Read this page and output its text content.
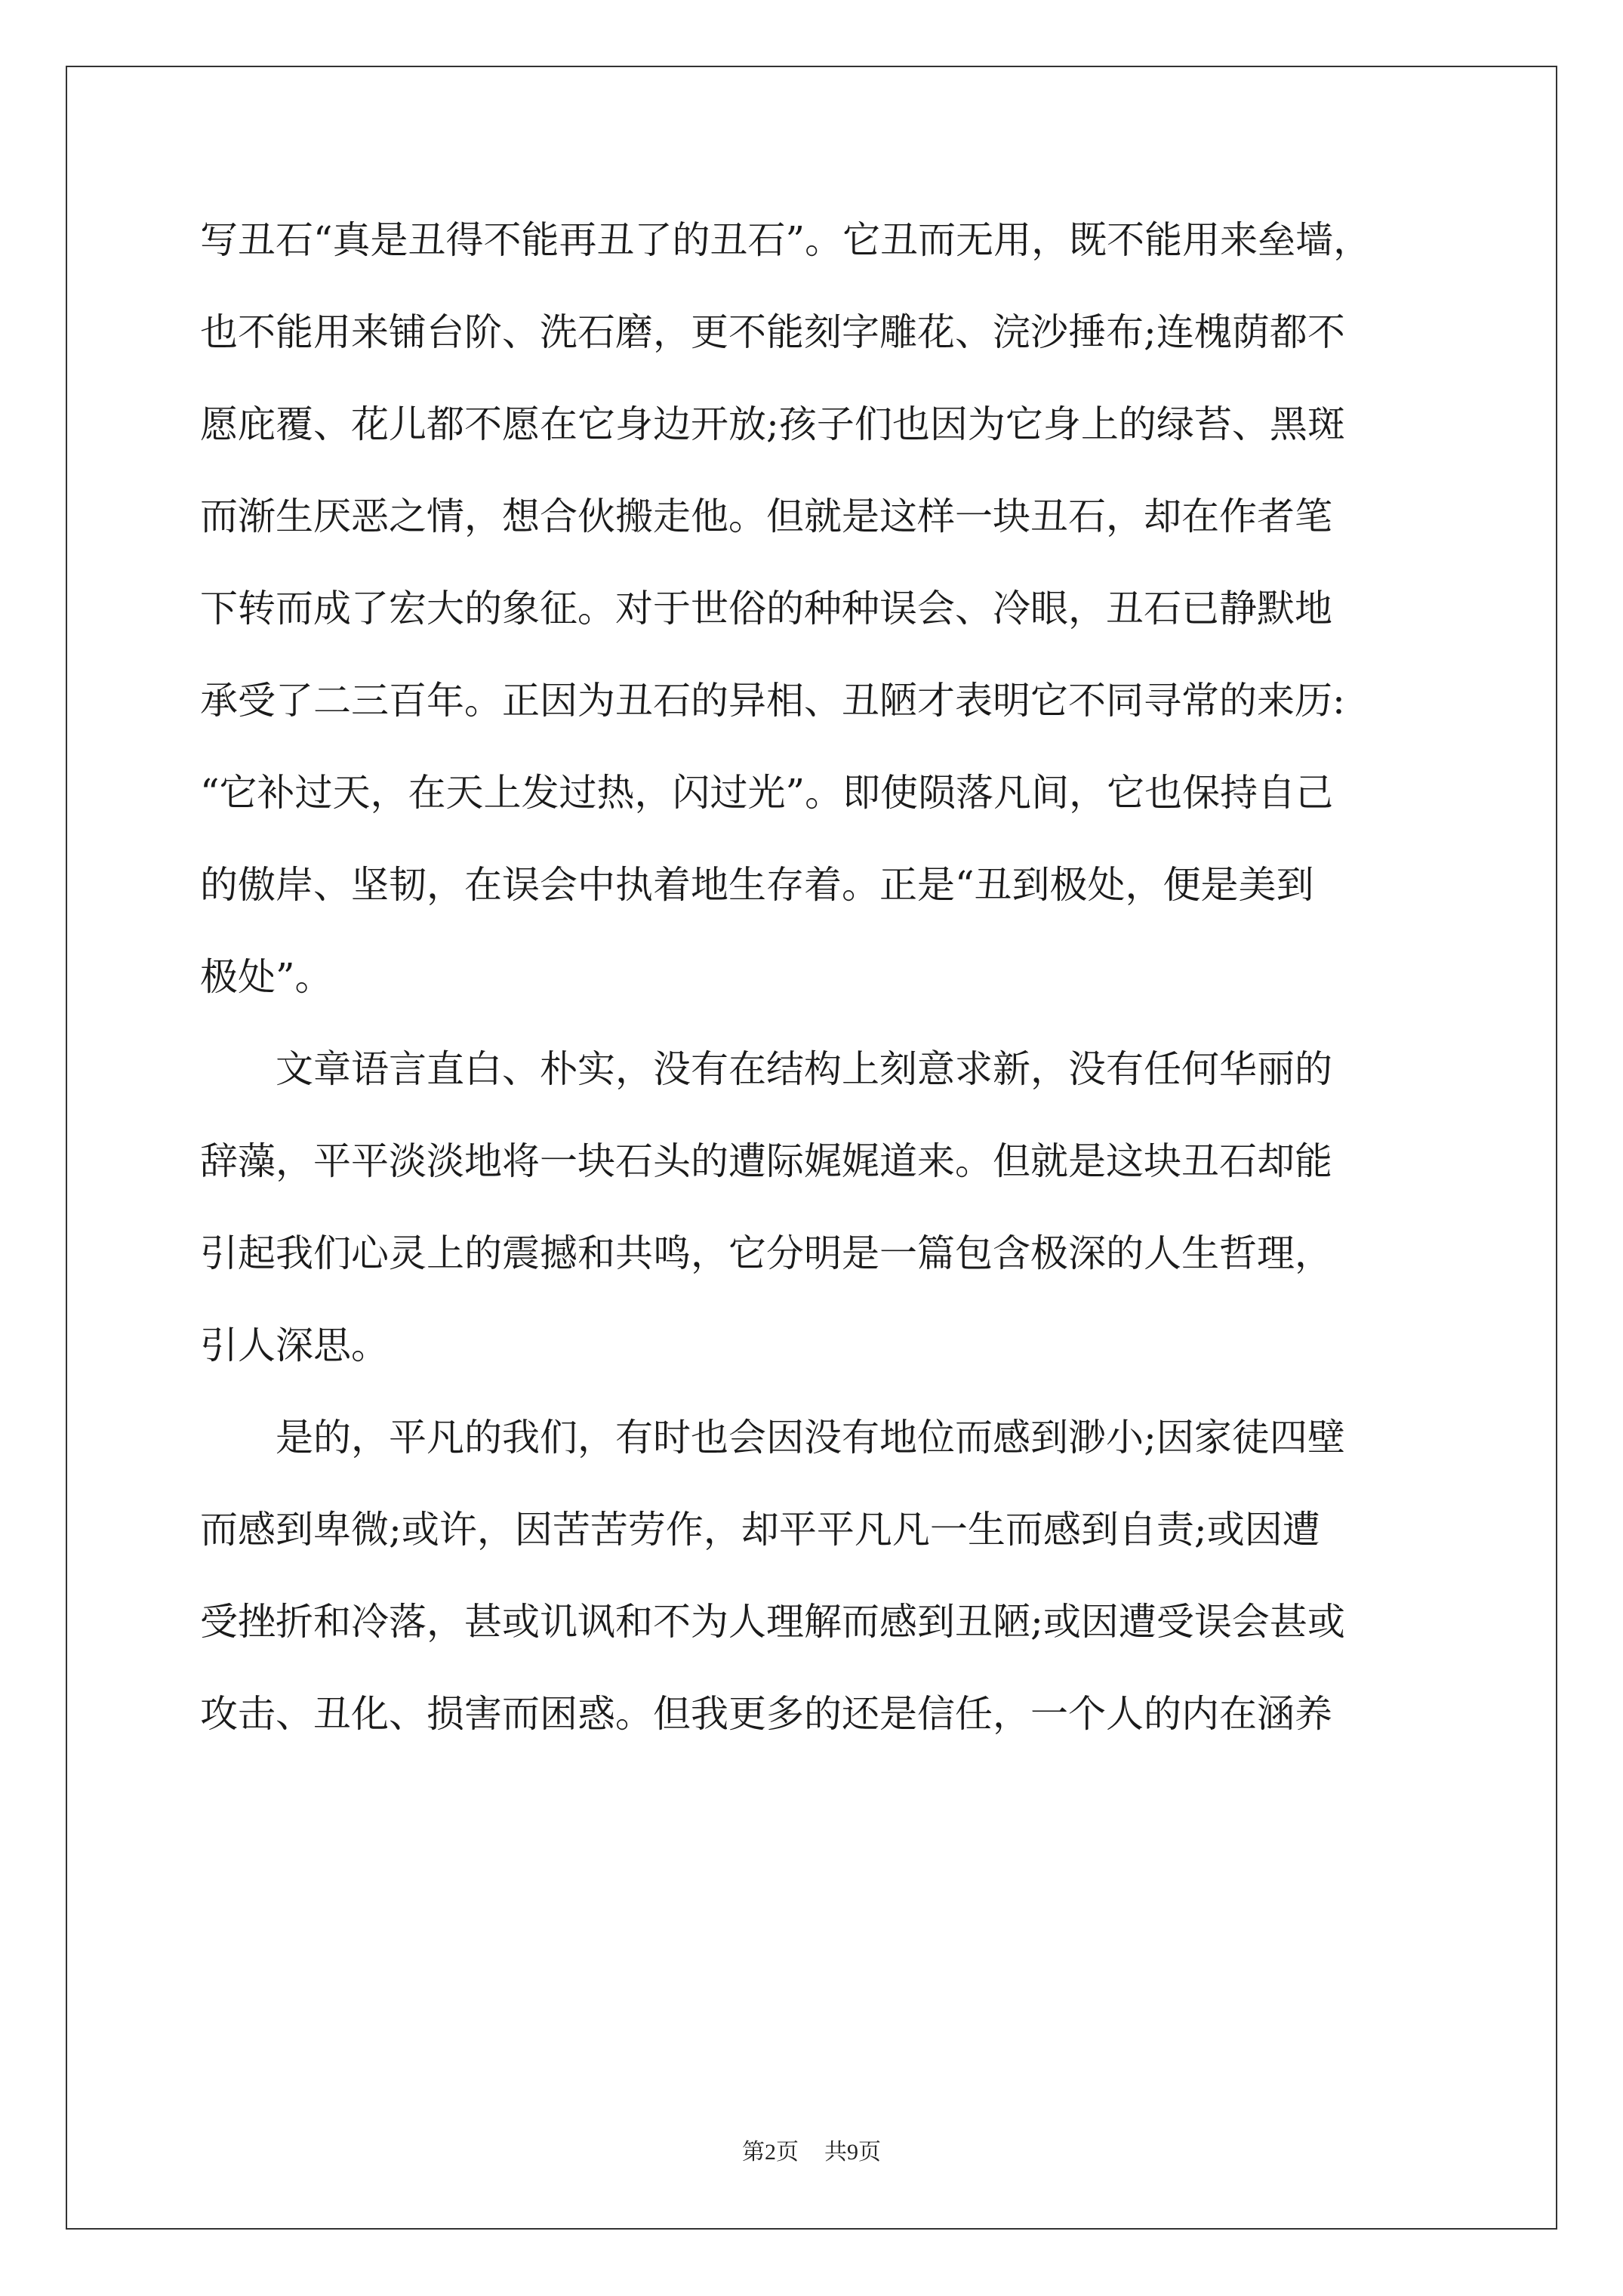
写丑石“真是丑得不能再丑了的丑石”。它丑而无用，既不能用来垒墙，
也不能用来铺台阶、洗石磨，更不能刻字雕花、浣沙捶布;连槐荫都不
愿庇覆、花儿都不愿在它身边开放;孩子们也因为它身上的绿苔、黑斑
而渐生厌恶之情，想合伙搬走他。但就是这样一块丑石，却在作者笔
下转而成了宏大的象征。对于世俗的种种误会、冷眼，丑石已静默地
承受了二三百年。正因为丑石的异相、丑陋才表明它不同寻常的来历:
“它补过天，在天上发过热，闪过光”。即使陨落凡间，它也保持自己
的傲岸、坚韧，在误会中执着地生存着。正是“丑到极处，便是美到
极处”。
文章语言直白、朴实，没有在结构上刻意求新，没有任何华丽的
辞藻，平平淡淡地将一块石头的遭际娓娓道来。但就是这块丑石却能
引起我们心灵上的震撼和共鸣，它分明是一篇包含极深的人生哲理，
引人深思。
是的，平凡的我们，有时也会因没有地位而感到渺小;因家徒四壁
而感到卑微;或许，因苦苦劳作，却平平凡凡一生而感到自责;或因遭
受挫折和冷落，甚或讥讽和不为人理解而感到丑陋;或因遭受误会甚或
攻击、丑化、损害而困惑。但我更多的还是信任，一个人的内在涵养
第2页 共9页
